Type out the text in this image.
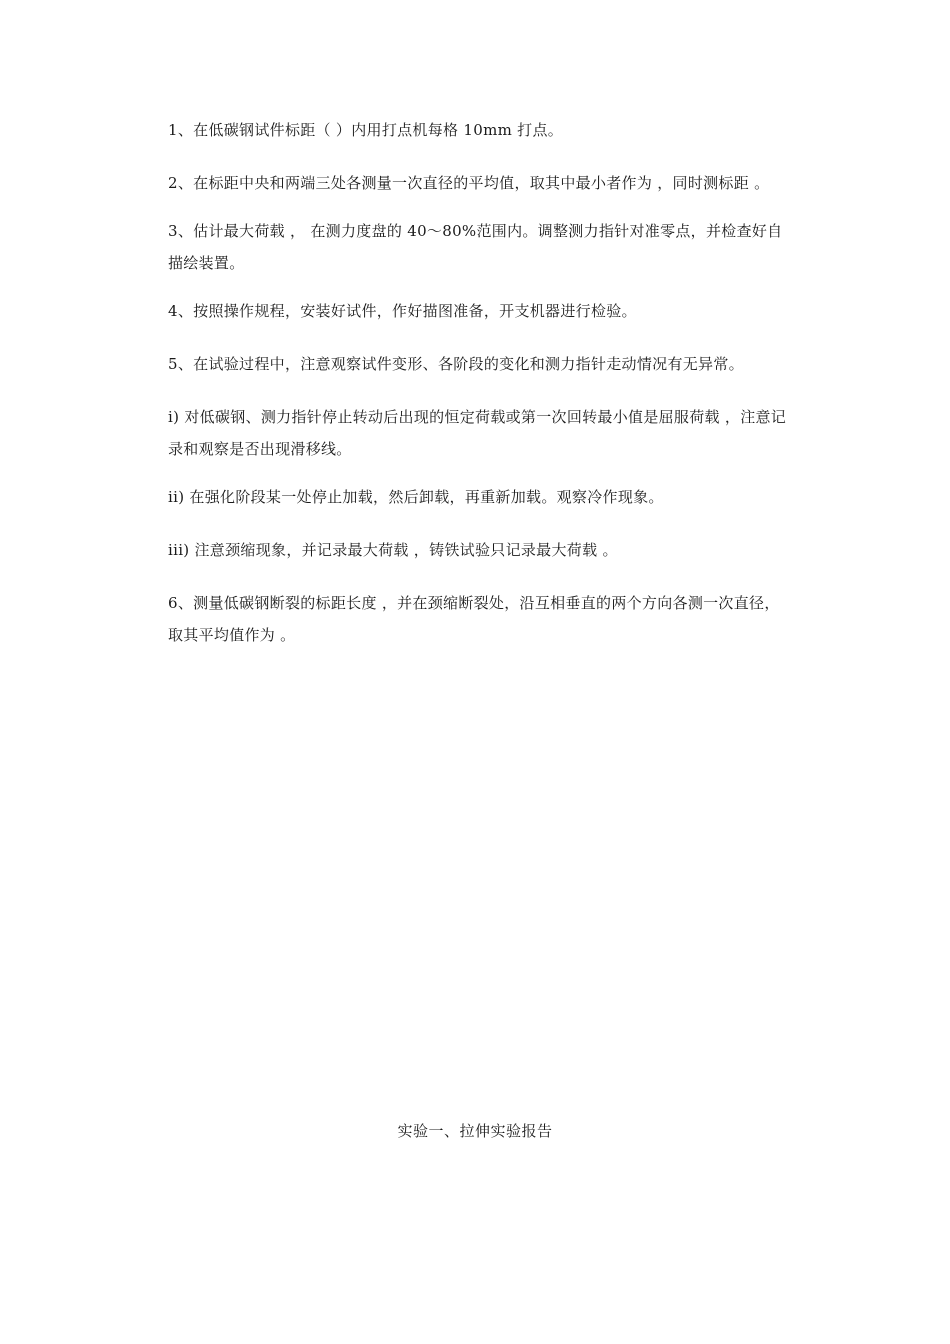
1、在低碳钢试件标距（ ）内用打点机每格 10mm 打点。

2、在标距中央和两端三处各测量一次直径的平均值，取其中最小者作为 ，同时测标距 。

3、估计最大荷载 ， 在测力度盘的 40～80%范围内。调整测力指针对准零点，并检查好自描绘装置。

4、按照操作规程，安装好试件，作好描图准备，开支机器进行检验。

5、在试验过程中，注意观察试件变形、各阶段的变化和测力指针走动情况有无异常。

i) 对低碳钢、测力指针停止转动后出现的恒定荷载或第一次回转最小值是屈服荷载 ，注意记录和观察是否出现滑移线。

ii) 在强化阶段某一处停止加载，然后卸载，再重新加载。观察冷作现象。

iii) 注意颈缩现象，并记录最大荷载 ，铸铁试验只记录最大荷载 。

6、测量低碳钢断裂的标距长度 ，并在颈缩断裂处，沿互相垂直的两个方向各测一次直径，取其平均值作为 。

实验一、拉伸实验报告
